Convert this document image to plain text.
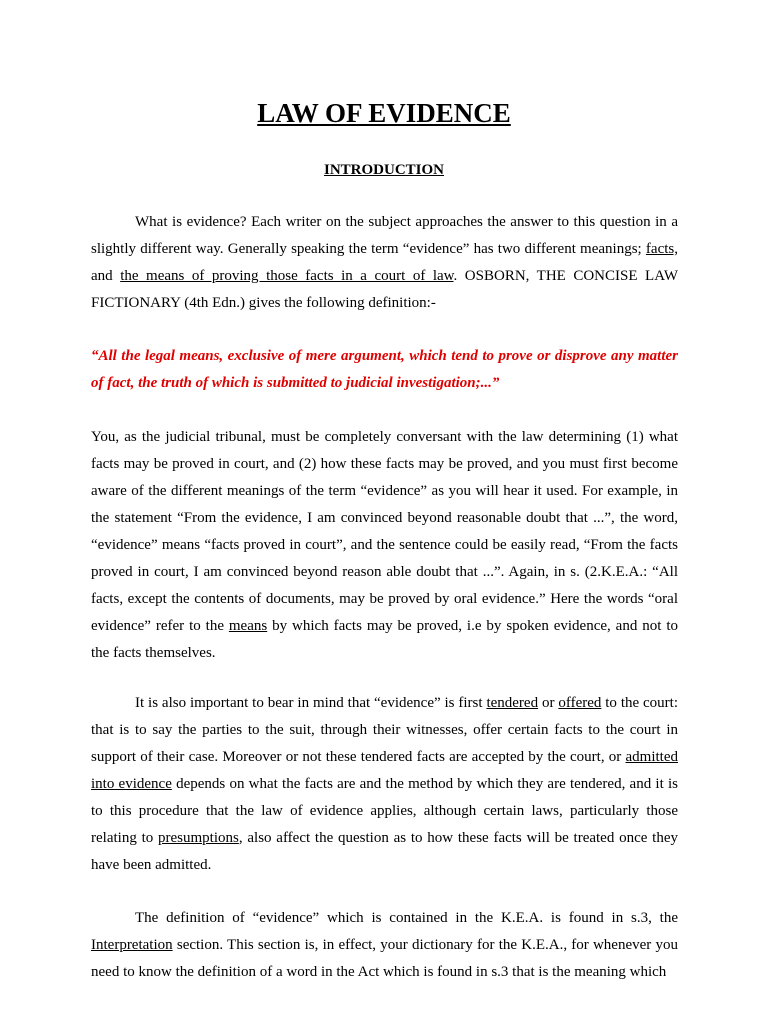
LAW OF EVIDENCE
INTRODUCTION

What is evidence? Each writer on the subject approaches the answer to this question in a slightly different way. Generally speaking the term “evidence” has two different meanings; facts, and the means of proving those facts in a court of law. OSBORN, THE CONCISE LAW FICTIONARY (4th Edn.) gives the following definition:-

“All the legal means, exclusive of mere argument, which tend to prove or disprove any matter of fact, the truth of which is submitted to judicial investigation;...”

You, as the judicial tribunal, must be completely conversant with the law determining (1) what facts may be proved in court, and (2) how these facts may be proved, and you must first become aware of the different meanings of the term “evidence” as you will hear it used. For example, in the statement “From the evidence, I am convinced beyond reasonable doubt that ...”, the word, “evidence” means “facts proved in court”, and the sentence could be easily read, “From the facts proved in court, I am convinced beyond reason able doubt that ...”. Again, in s. (2.K.E.A.: “All facts, except the contents of documents, may be proved by oral evidence.” Here the words “oral evidence” refer to the means by which facts may be proved, i.e by spoken evidence, and not to the facts themselves.

It is also important to bear in mind that “evidence” is first tendered or offered to the court: that is to say the parties to the suit, through their witnesses, offer certain facts to the court in support of their case. Moreover or not these tendered facts are accepted by the court, or admitted into evidence depends on what the facts are and the method by which they are tendered, and it is to this procedure that the law of evidence applies, although certain laws, particularly those relating to presumptions, also affect the question as to how these facts will be treated once they have been admitted.

The definition of “evidence” which is contained in the K.E.A. is found in s.3, the Interpretation section. This section is, in effect, your dictionary for the K.E.A., for whenever you need to know the definition of a word in the Act which is found in s.3 that is the meaning which
